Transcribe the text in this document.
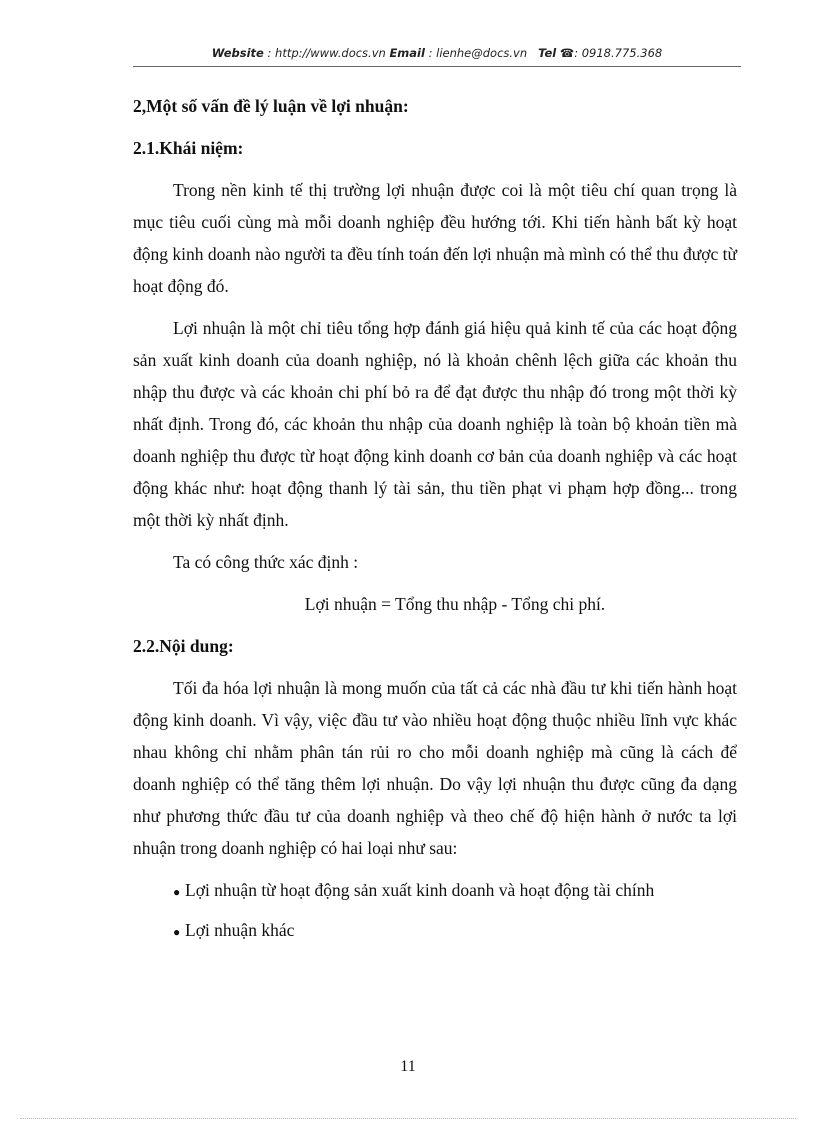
Website : http://www.docs.vn Email : lienhe@docs.vn   Tel ☎: 0918.775.368

2,Một số vấn đề lý luận về lợi nhuận:

2.1.Khái niệm:

Trong nền kinh tế thị trường lợi nhuận được coi là một tiêu chí quan trọng là mục tiêu cuối cùng mà mỗi doanh nghiệp đều hướng tới. Khi tiến hành bất kỳ hoạt động kinh doanh nào người ta đều tính toán đến lợi nhuận mà mình có thể thu được từ hoạt động đó.

Lợi nhuận là một chỉ tiêu tổng hợp đánh giá hiệu quả kinh tế của các hoạt động sản xuất kinh doanh của doanh nghiệp, nó là khoản chênh lệch giữa các khoản thu nhập thu được và các khoản chi phí bỏ ra để đạt được thu nhập đó trong một thời kỳ nhất định. Trong đó, các khoản thu nhập của doanh nghiệp là toàn bộ khoản tiền mà doanh nghiệp thu được từ hoạt động kinh doanh cơ bản của doanh nghiệp và các hoạt động khác như: hoạt động thanh lý tài sản, thu tiền phạt vi phạm hợp đồng... trong một thời kỳ nhất định.

Ta có công thức xác định :

Lợi nhuận = Tổng thu nhập - Tổng chi phí.

2.2.Nội dung:

Tối đa hóa lợi nhuận là mong muốn của tất cả các nhà đầu tư khi tiến hành hoạt động kinh doanh. Vì vậy, việc đầu tư vào nhiều hoạt động thuộc nhiều lĩnh vực khác nhau không chỉ nhằm phân tán rủi ro cho mỗi doanh nghiệp mà cũng là cách để doanh nghiệp có thể tăng thêm lợi nhuận. Do vậy lợi nhuận thu được cũng đa dạng như phương thức đầu tư của doanh nghiệp và theo chế độ hiện hành ở nước ta lợi nhuận trong doanh nghiệp có hai loại như sau:

● Lợi nhuận từ hoạt động sản xuất kinh doanh và hoạt động tài chính

● Lợi nhuận khác

11
